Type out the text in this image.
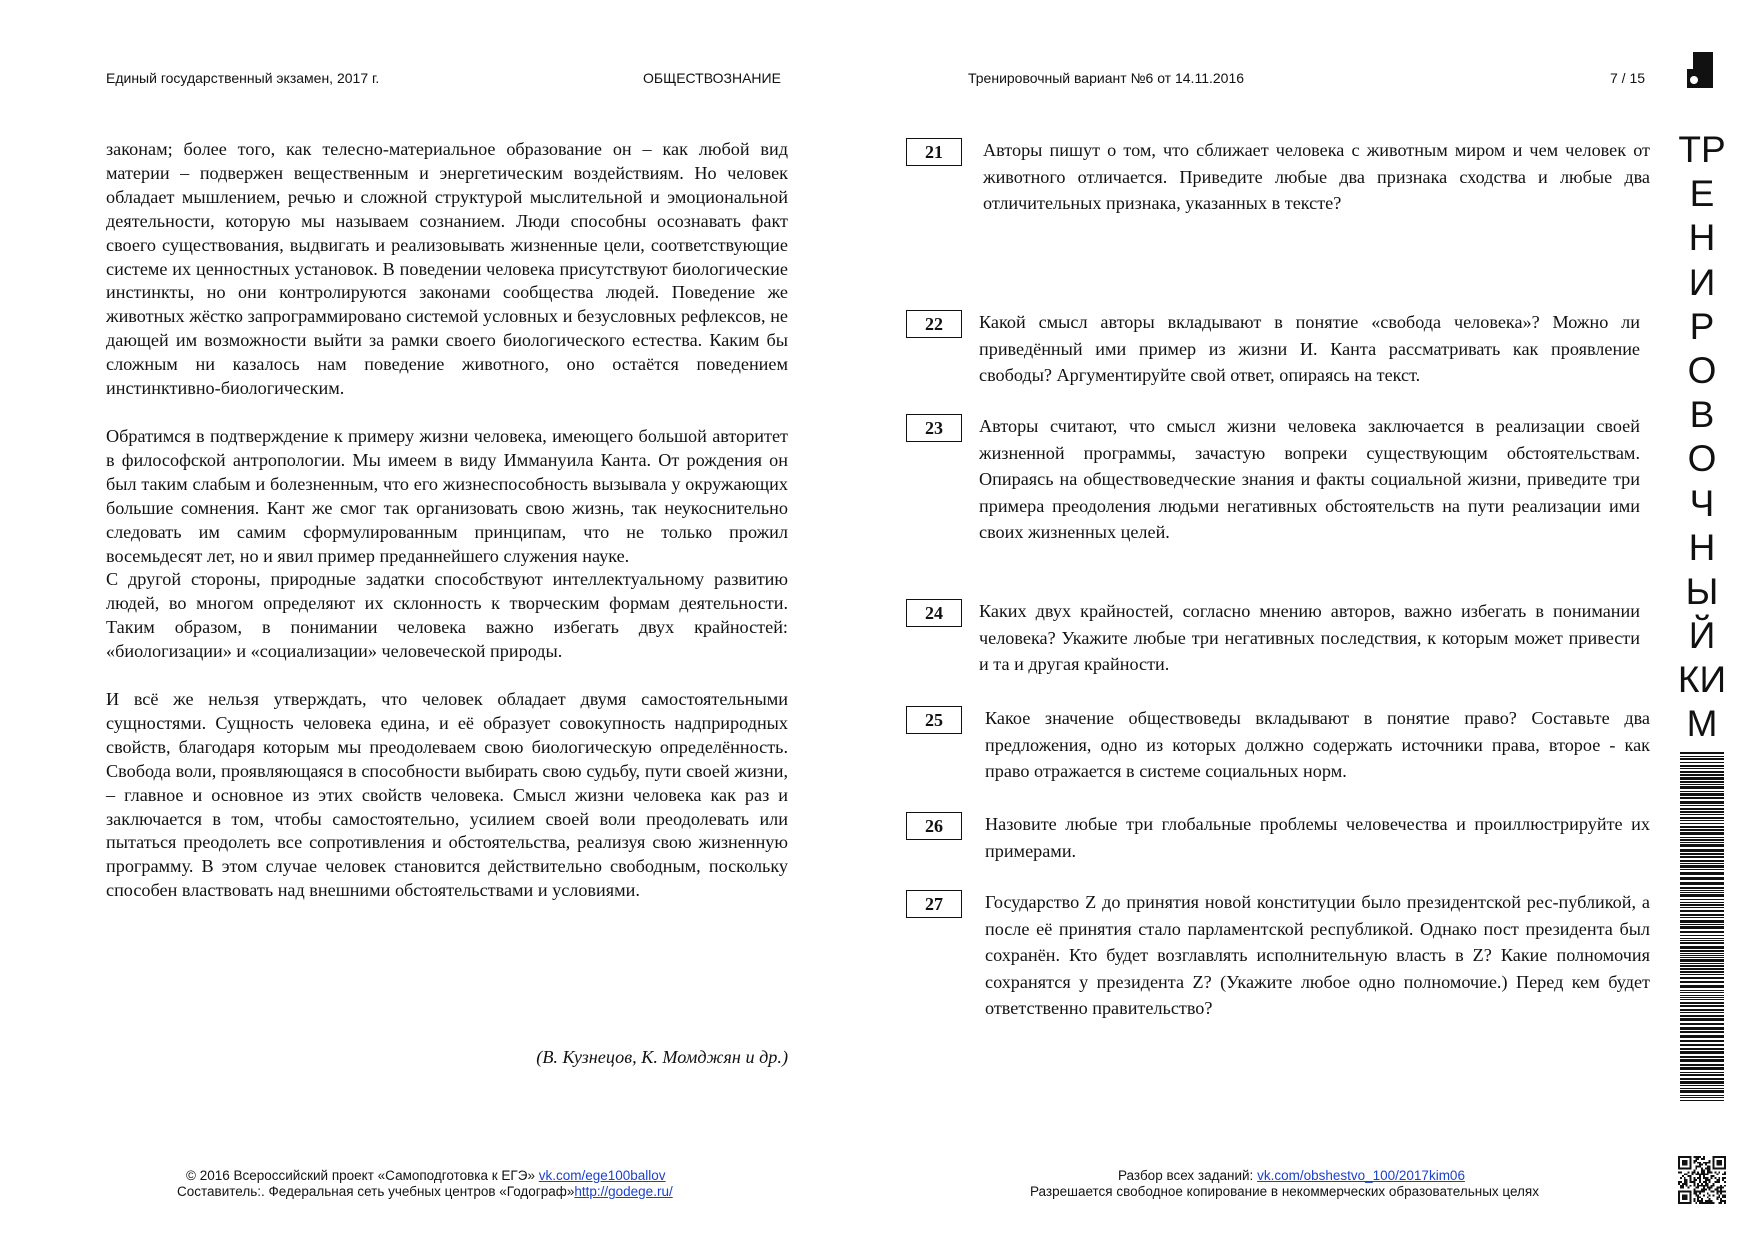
Единый государственный экзамен, 2017 г.	ОБЩЕСТВОЗНАНИЕ	Тренировочный вариант №6 от 14.11.2016	7 / 15

законам; более того, как телесно-материальное образование он – как любой вид материи – подвержен вещественным и энергетическим воздействиям. Но человек обладает мышлением, речью и сложной структурой мыслительной и эмоциональной деятельности, которую мы называем сознанием. Люди способны осознавать факт своего существования, выдвигать и реализовывать жизненные цели, соответствующие системе их ценностных установок. В поведении человека присутствуют биологические инстинкты, но они контролируются законами сообщества людей. Поведение же животных жёстко запрограммировано системой условных и безусловных рефлексов, не дающей им возможности выйти за рамки своего биологического естества. Каким бы сложным ни казалось нам поведение животного, оно остаётся поведением инстинктивно-биологическим.

Обратимся в подтверждение к примеру жизни человека, имеющего большой авторитет в философской антропологии. Мы имеем в виду Иммануила Канта. От рождения он был таким слабым и болезненным, что его жизнеспособность вызывала у окружающих большие сомнения. Кант же смог так организовать свою жизнь, так неукоснительно следовать им самим сформулированным принципам, что не только прожил восемьдесят лет, но и явил пример преданнейшего служения науке.

С другой стороны, природные задатки способствуют интеллектуальному развитию людей, во многом определяют их склонность к творческим формам деятельности. Таким образом, в понимании человека важно избегать двух крайностей: «биологизации» и «социализации» человеческой природы.

И всё же нельзя утверждать, что человек обладает двумя самостоятельными сущностями. Сущность человека едина, и её образует совокупность надприродных свойств, благодаря которым мы преодолеваем свою биологическую определённость. Свобода воли, проявляющаяся в способности выбирать свою судьбу, пути своей жизни, – главное и основное из этих свойств человека. Смысл жизни человека как раз и заключается в том, чтобы самостоятельно, усилием своей воли преодолевать или пытаться преодолеть все сопротивления и обстоятельства, реализуя свою жизненную программу. В этом случае человек становится действительно свободным, поскольку способен властвовать над внешними обстоятельствами и условиями.

(В. Кузнецов, К. Момджян и др.)
21	Авторы пишут о том, что сближает человека с животным миром и чем человек от животного отличается. Приведите любые два признака сходства и любые два отличительных признака, указанных в тексте?
22	Какой смысл авторы вкладывают в понятие «свобода человека»? Можно ли приведённый ими пример из жизни И. Канта рассматривать как проявление свободы? Аргументируйте свой ответ, опираясь на текст.
23	Авторы считают, что смысл жизни человека заключается в реализации своей жизненной программы, зачастую вопреки существующим обстоятельствам. Опираясь на обществоведческие знания и факты социальной жизни, приведите три примера преодоления людьми негативных обстоятельств на пути реализации ими своих жизненных целей.
24	Каких двух крайностей, согласно мнению авторов, важно избегать в понимании человека? Укажите любые три негативных последствия, к которым может привести и та и другая крайности.
25	Какое значение обществоведы вкладывают в понятие право? Составьте два предложения, одно из которых должно содержать источники права, второе - как право отражается в системе социальных норм.
26	Назовите любые три глобальные проблемы человечества и проиллюстрируйте их примерами.
27	Государство Z до принятия новой конституции было президентской рес-публикой, а после её принятия стало парламентской республикой. Однако пост президента был сохранён. Кто будет возглавлять исполнительную власть в Z? Какие полномочия сохранятся у президента Z? (Укажите любое одно полномочие.) Перед кем будет ответственно правительство?
ТР
Е
Н
И
Р
О
В
О
Ч
Н
Ы
Й
КИ
М
© 2016 Всероссийский проект «Самоподготовка к ЕГЭ» vk.com/ege100ballov
Составитель:. Федеральная сеть учебных центров «Годограф»http://godege.ru/
Разбор всех заданий: vk.com/obshestvo_100/2017kim06
Разрешается свободное копирование в некоммерческих образовательных целях
